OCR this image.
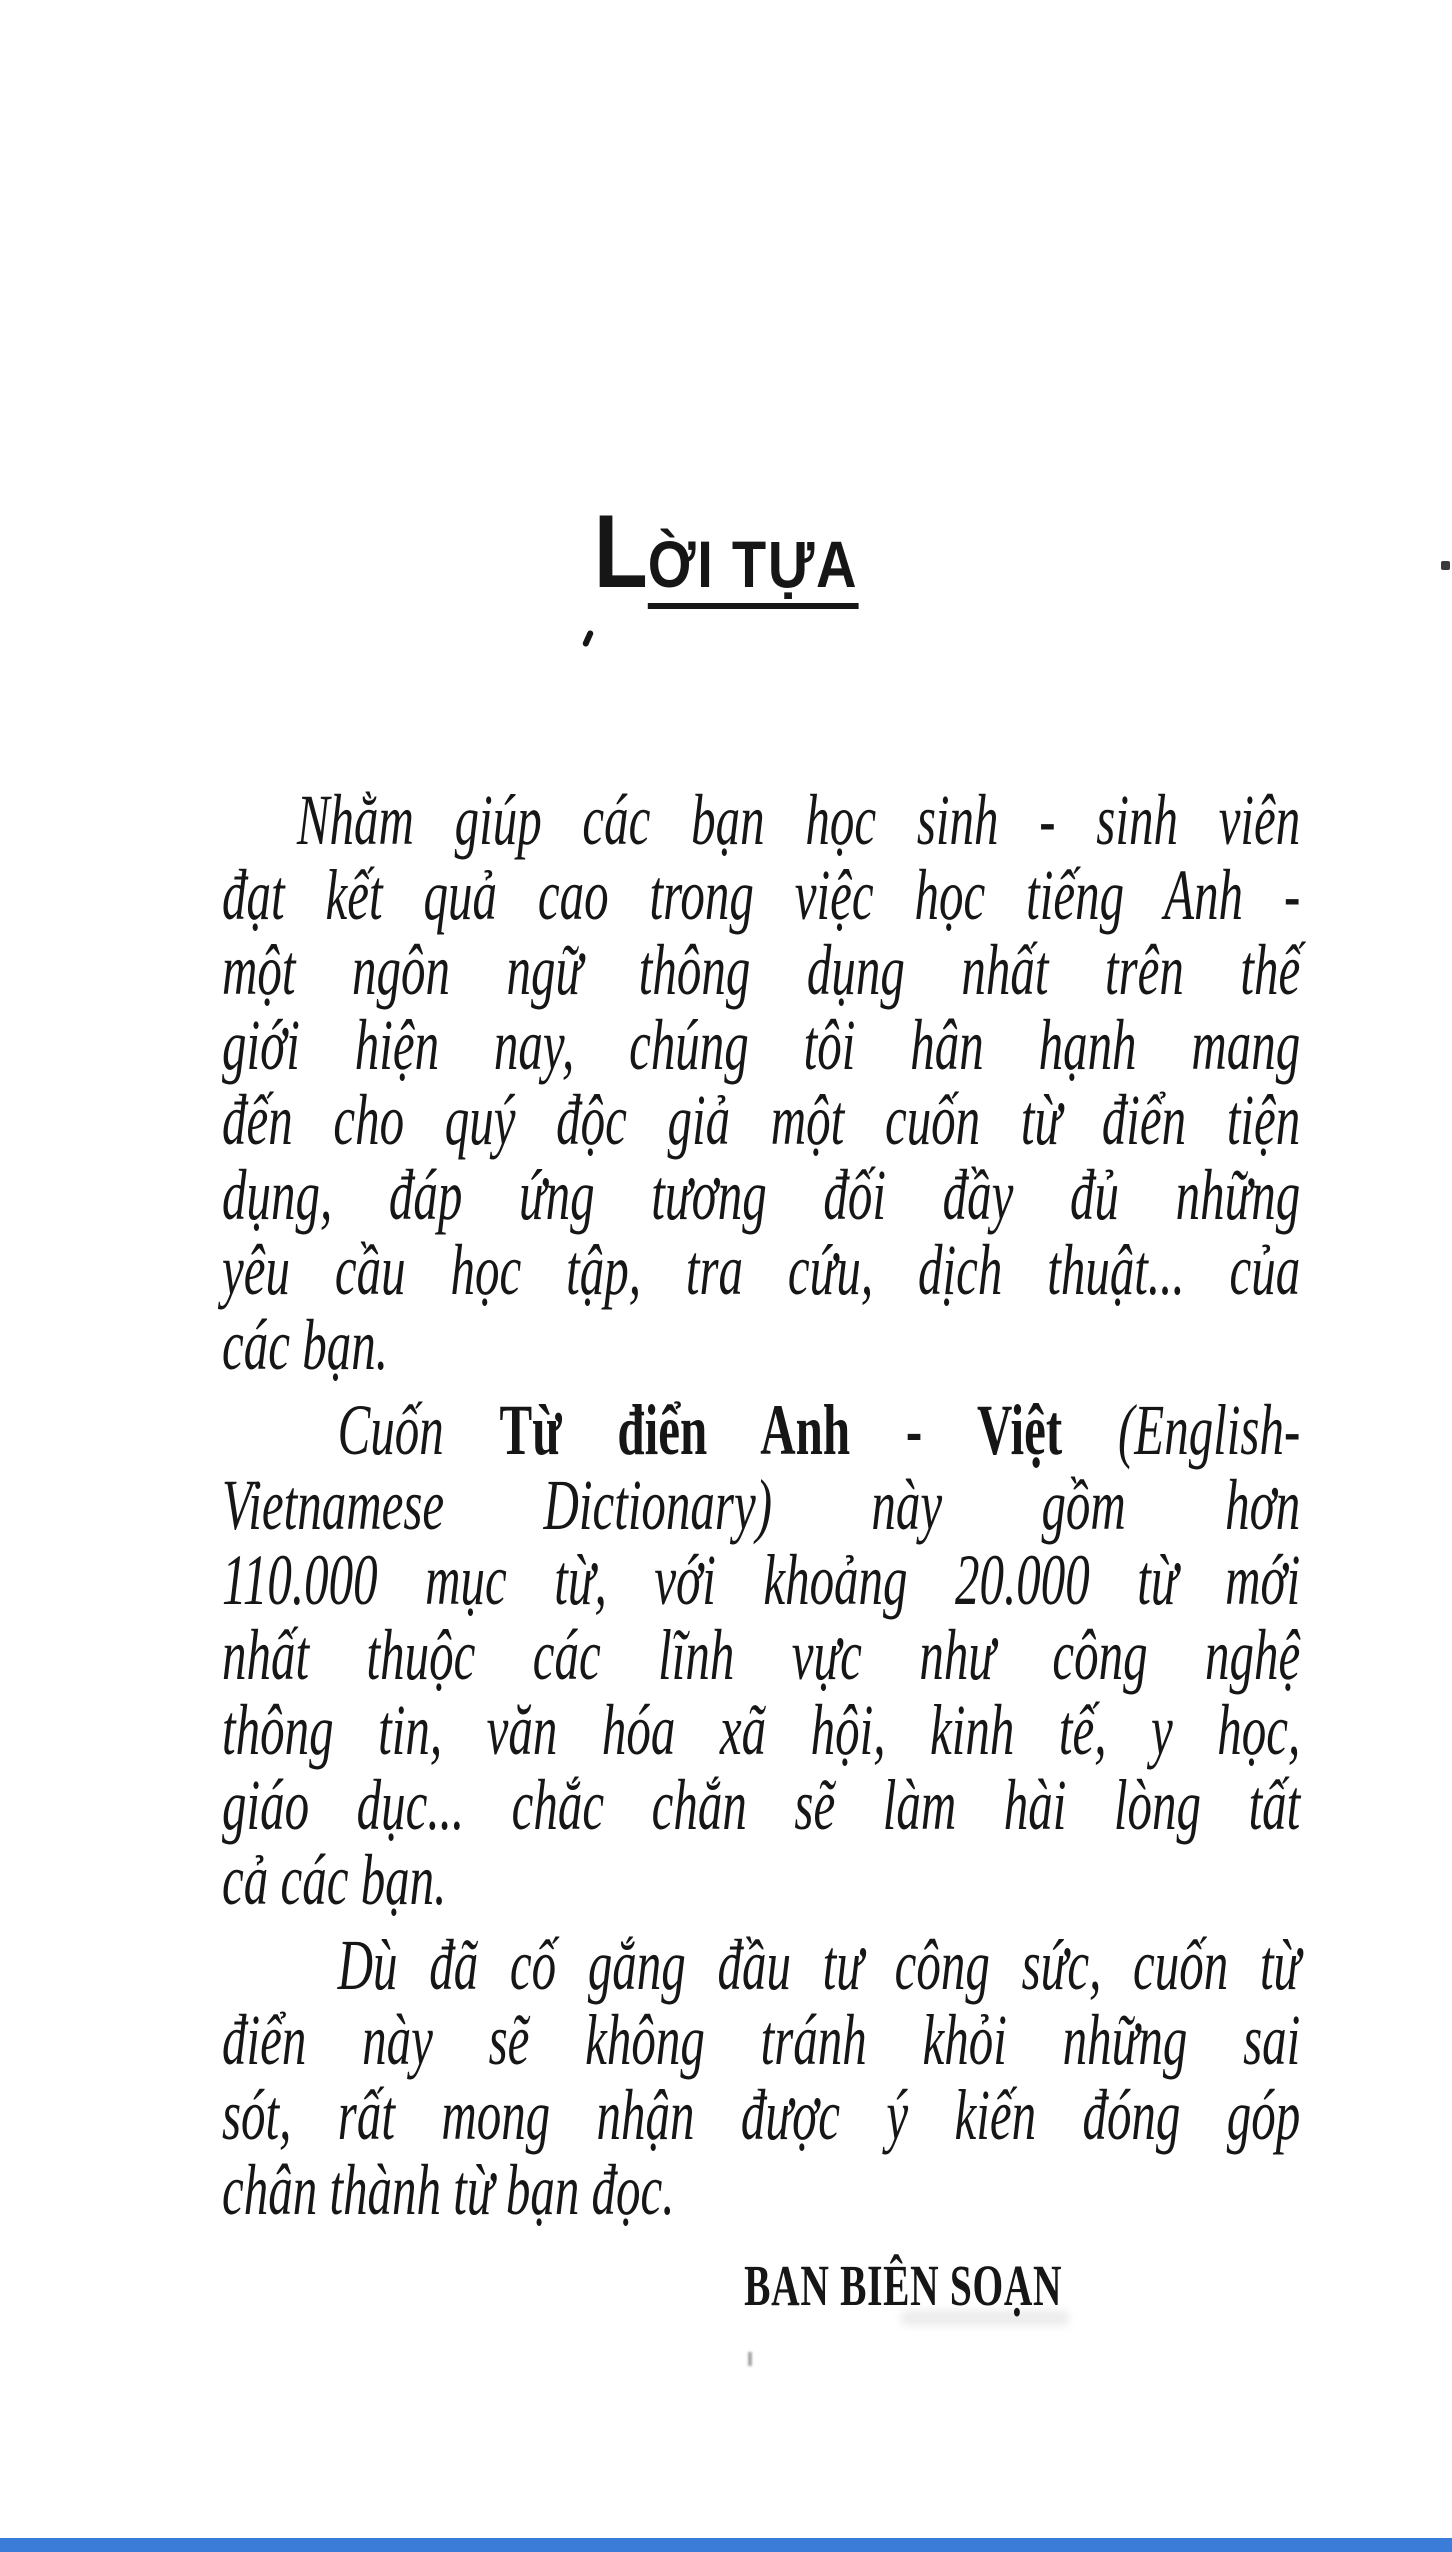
LỜI TỰA
Nhằm giúp các bạn học sinh - sinh viên
đạt kết quả cao trong việc học tiếng Anh -
một ngôn ngữ thông dụng nhất trên thế
giới hiện nay, chúng tôi hân hạnh mang
đến cho quý độc giả một cuốn từ điển tiện
dụng, đáp ứng tương đối đầy đủ những
yêu cầu học tập, tra cứu, dịch thuật... của
các bạn.
Cuốn Từ điển Anh - Việt (English-
Vietnamese Dictionary) này gồm hơn
110.000 mục từ, với khoảng 20.000 từ mới
nhất thuộc các lĩnh vực như công nghệ
thông tin, văn hóa xã hội, kinh tế, y học,
giáo dục... chắc chắn sẽ làm hài lòng tất
cả các bạn.
Dù đã cố gắng đầu tư công sức, cuốn từ
điển này sẽ không tránh khỏi những sai
sót, rất mong nhận được ý kiến đóng góp
chân thành từ bạn đọc.
BAN BIÊN SOẠN
